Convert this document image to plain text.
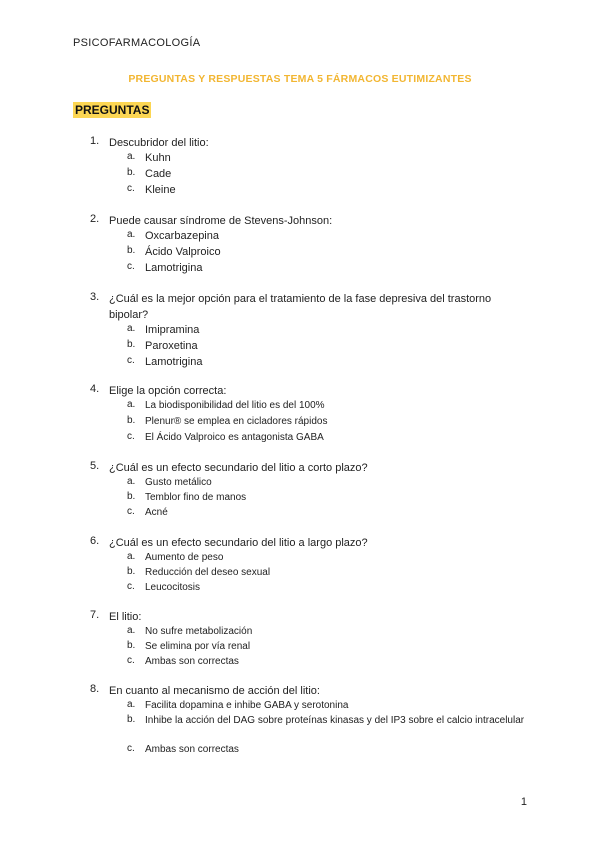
PSICOFARMACOLOGÍA
PREGUNTAS Y RESPUESTAS TEMA 5 FÁRMACOS EUTIMIZANTES
PREGUNTAS
1. Descubridor del litio:
a. Kuhn
b. Cade
c. Kleine
2. Puede causar síndrome de Stevens-Johnson:
a. Oxcarbazepina
b. Ácido Valproico
c. Lamotrigina
3. ¿Cuál es la mejor opción para el tratamiento de la fase depresiva del trastorno bipolar?
a. Imipramina
b. Paroxetina
c. Lamotrigina
4. Elige la opción correcta:
a. La biodisponibilidad del litio es del 100%
b. Plenur® se emplea en cicladores rápidos
c. El Ácido Valproico es antagonista GABA
5. ¿Cuál es un efecto secundario del litio a corto plazo?
a. Gusto metálico
b. Temblor fino de manos
c. Acné
6. ¿Cuál es un efecto secundario del litio a largo plazo?
a. Aumento de peso
b. Reducción del deseo sexual
c. Leucocitosis
7. El litio:
a. No sufre metabolización
b. Se elimina por vía renal
c. Ambas son correctas
8. En cuanto al mecanismo de acción del litio:
a. Facilita dopamina e inhibe GABA y serotonina
b. Inhibe la acción del DAG sobre proteínas kinasas y del IP3 sobre el calcio intracelular
c. Ambas son correctas
1
